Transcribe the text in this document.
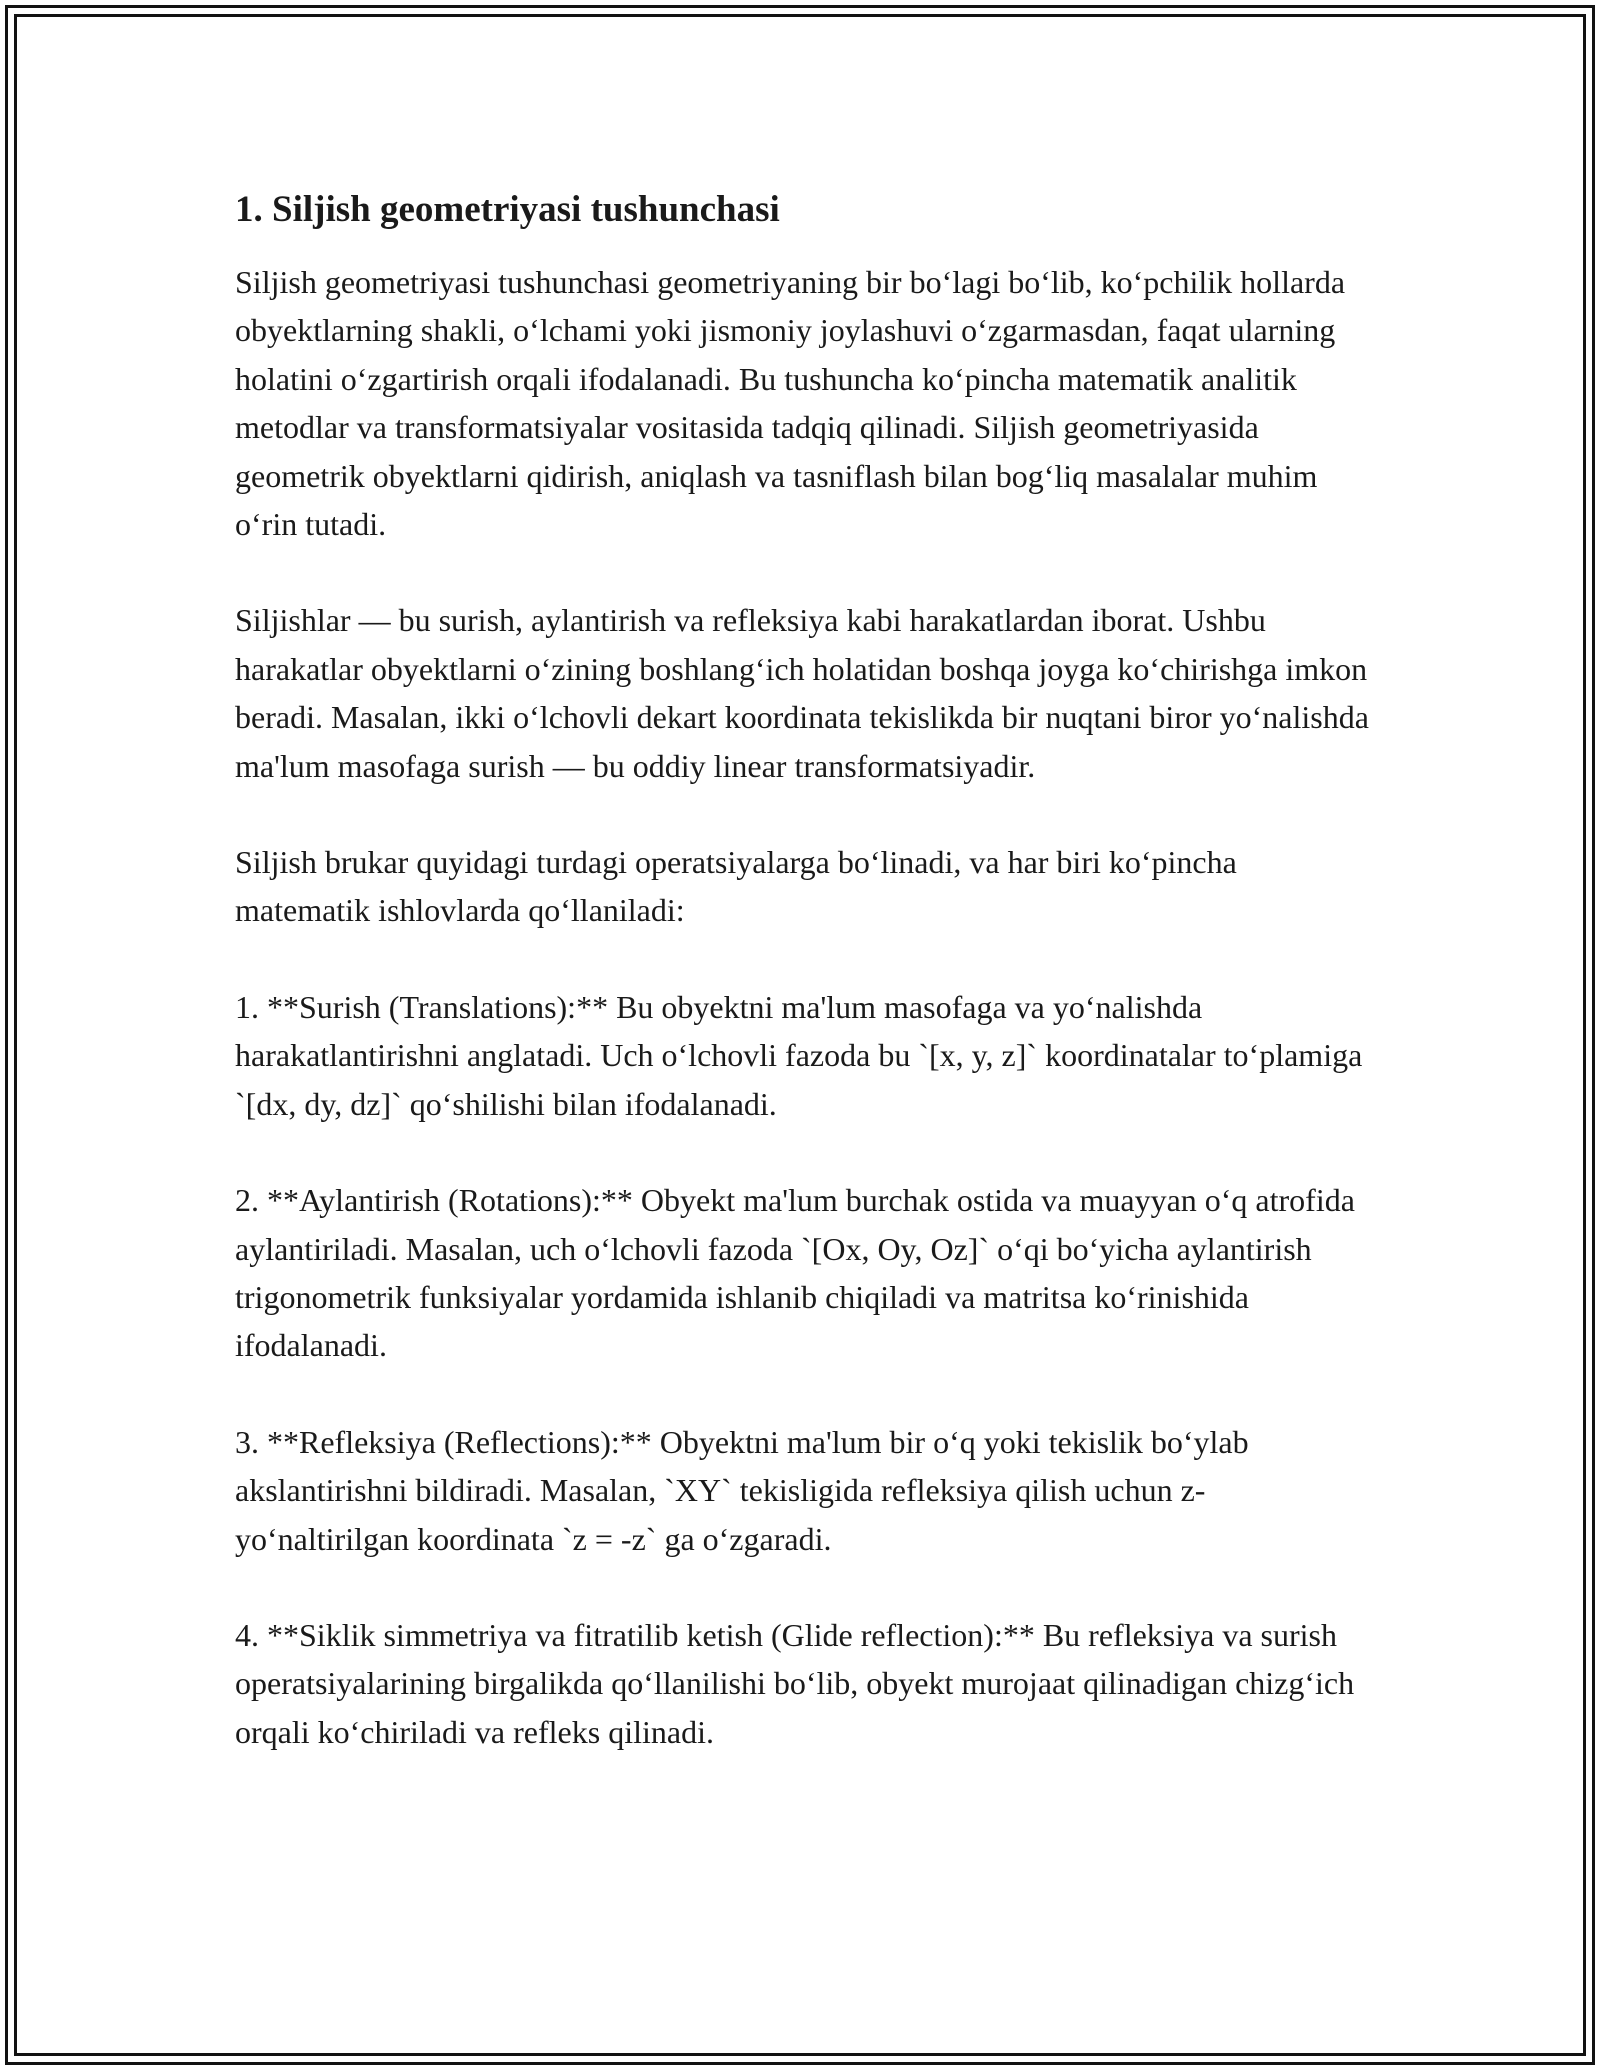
1. Siljish geometriyasi tushunchasi

Siljish geometriyasi tushunchasi geometriyaning bir bo‘lagi bo‘lib, ko‘pchilik hollarda obyektlarning shakli, o‘lchami yoki jismoniy joylashuvi o‘zgarmasdan, faqat ularning holatini o‘zgartirish orqali ifodalanadi. Bu tushuncha ko‘pincha matematik analitik metodlar va transformatsiyalar vositasida tadqiq qilinadi. Siljish geometriyasida geometrik obyektlarni qidirish, aniqlash va tasniflash bilan bog‘liq masalalar muhim o‘rin tutadi.

Siljishlar — bu surish, aylantirish va refleksiya kabi harakatlardan iborat. Ushbu harakatlar obyektlarni o‘zining boshlang‘ich holatidan boshqa joyga ko‘chirishga imkon beradi. Masalan, ikki o‘lchovli dekart koordinata tekislikda bir nuqtani biror yo‘nalishda ma'lum masofaga surish — bu oddiy linear transformatsiyadir.

Siljish brukar quyidagi turdagi operatsiyalarga bo‘linadi, va har biri ko‘pincha matematik ishlovlarda qo‘llaniladi:

1. **Surish (Translations):** Bu obyektni ma'lum masofaga va yo‘nalishda harakatlantirishni anglatadi. Uch o‘lchovli fazoda bu `[x, y, z]` koordinatalar to‘plamiga `[dx, dy, dz]` qo‘shilishi bilan ifodalanadi.

2. **Aylantirish (Rotations):** Obyekt ma'lum burchak ostida va muayyan o‘q atrofida aylantiriladi. Masalan, uch o‘lchovli fazoda `[Ox, Oy, Oz]` o‘qi bo‘yicha aylantirish trigonometrik funksiyalar yordamida ishlanib chiqiladi va matritsa ko‘rinishida ifodalanadi.

3. **Refleksiya (Reflections):** Obyektni ma'lum bir o‘q yoki tekislik bo‘ylab akslantirishni bildiradi. Masalan, `XY` tekisligida refleksiya qilish uchun z-yo‘naltirilgan koordinata `z = -z` ga o‘zgaradi.

4. **Siklik simmetriya va fitratilib ketish (Glide reflection):** Bu refleksiya va surish operatsiyalarining birgalikda qo‘llanilishi bo‘lib, obyekt murojaat qilinadigan chizg‘ich orqali ko‘chiriladi va refleks qilinadi.
